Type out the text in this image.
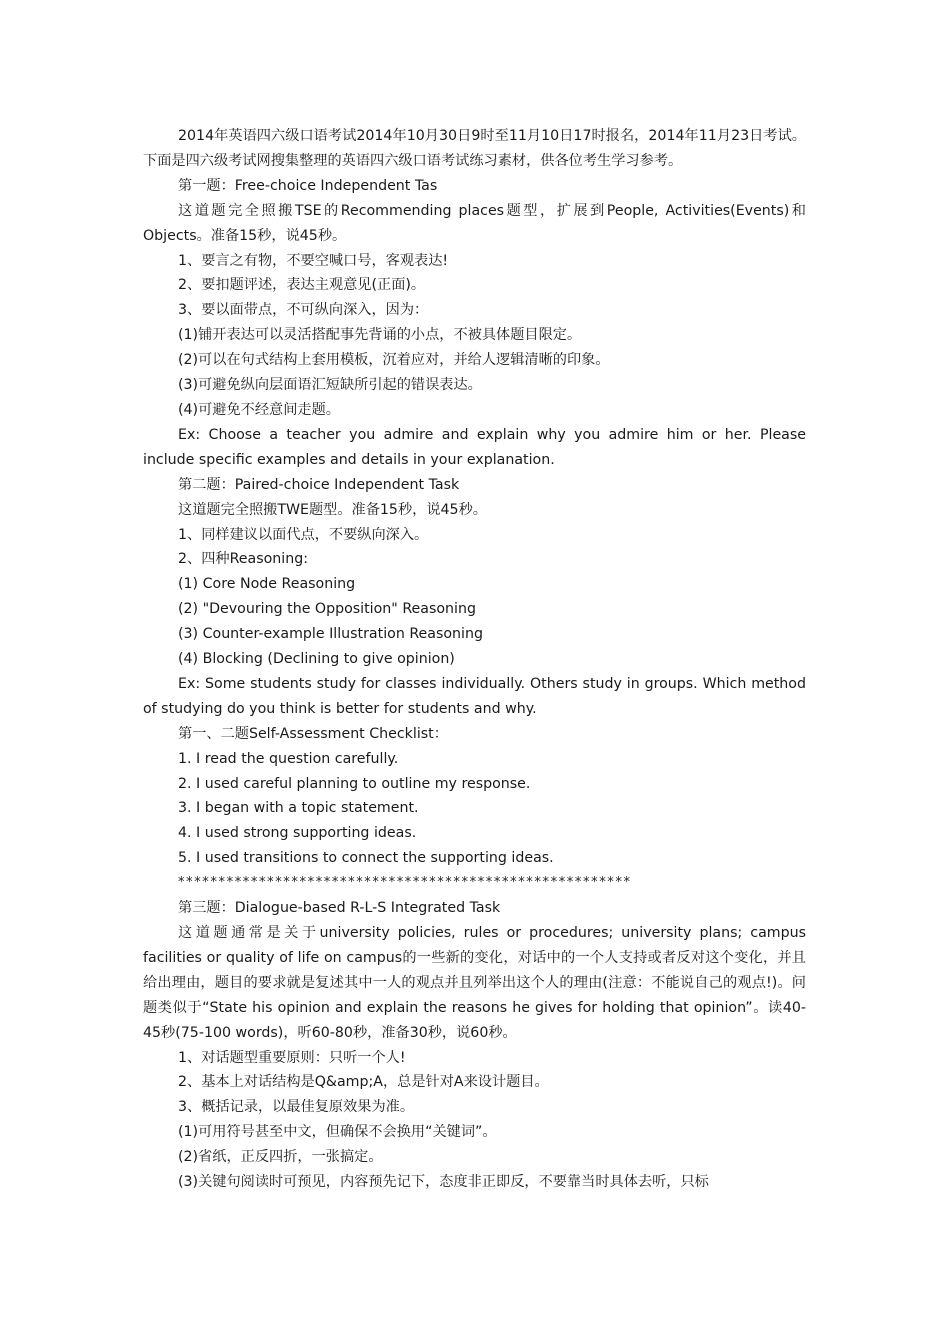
2014年英语四六级口语考试2014年10月30日9时至11月10日17时报名，2014年11月23日考试。下面是四六级考试网搜集整理的英语四六级口语考试练习素材，供各位考生学习参考。

第一题：Free-choice Independent Tas

这道题完全照搬TSE的Recommending places题型，扩展到People, Activities(Events)和Objects。准备15秒，说45秒。

1、要言之有物，不要空喊口号，客观表达!

2、要扣题评述，表达主观意见(正面)。

3、要以面带点，不可纵向深入，因为：

(1)铺开表达可以灵活搭配事先背诵的小点，不被具体题目限定。

(2)可以在句式结构上套用模板，沉着应对，并给人逻辑清晰的印象。

(3)可避免纵向层面语汇短缺所引起的错误表达。

(4)可避免不经意间走题。

Ex: Choose a teacher you admire and explain why you admire him or her. Please include specific examples and details in your explanation.

第二题：Paired-choice Independent Task

这道题完全照搬TWE题型。准备15秒，说45秒。

1、同样建议以面代点，不要纵向深入。

2、四种Reasoning:

(1) Core Node Reasoning

(2) "Devouring the Opposition" Reasoning

(3) Counter-example Illustration Reasoning

(4) Blocking (Declining to give opinion)

Ex: Some students study for classes individually. Others study in groups. Which method of studying do you think is better for students and why.

第一、二题Self-Assessment Checklist：

1. I read the question carefully.

2. I used careful planning to outline my response.

3. I began with a topic statement.

4. I used strong supporting ideas.

5. I used transitions to connect the supporting ideas.

********************************************************

第三题：Dialogue-based R-L-S Integrated Task

这道题通常是关于university policies, rules or procedures; university plans; campus facilities or quality of life on campus的一些新的变化，对话中的一个人支持或者反对这个变化，并且给出理由，题目的要求就是复述其中一人的观点并且列举出这个人的理由(注意：不能说自己的观点!)。问题类似于“State his opinion and explain the reasons he gives for holding that opinion”。读40-45秒(75-100 words)，听60-80秒，准备30秒，说60秒。

1、对话题型重要原则：只听一个人!

2、基本上对话结构是Q&amp;A，总是针对A来设计题目。

3、概括记录，以最佳复原效果为准。

(1)可用符号甚至中文，但确保不会换用“关键词”。

(2)省纸，正反四折，一张搞定。

(3)关键句阅读时可预见，内容预先记下，态度非正即反，不要靠当时具体去听，只标
